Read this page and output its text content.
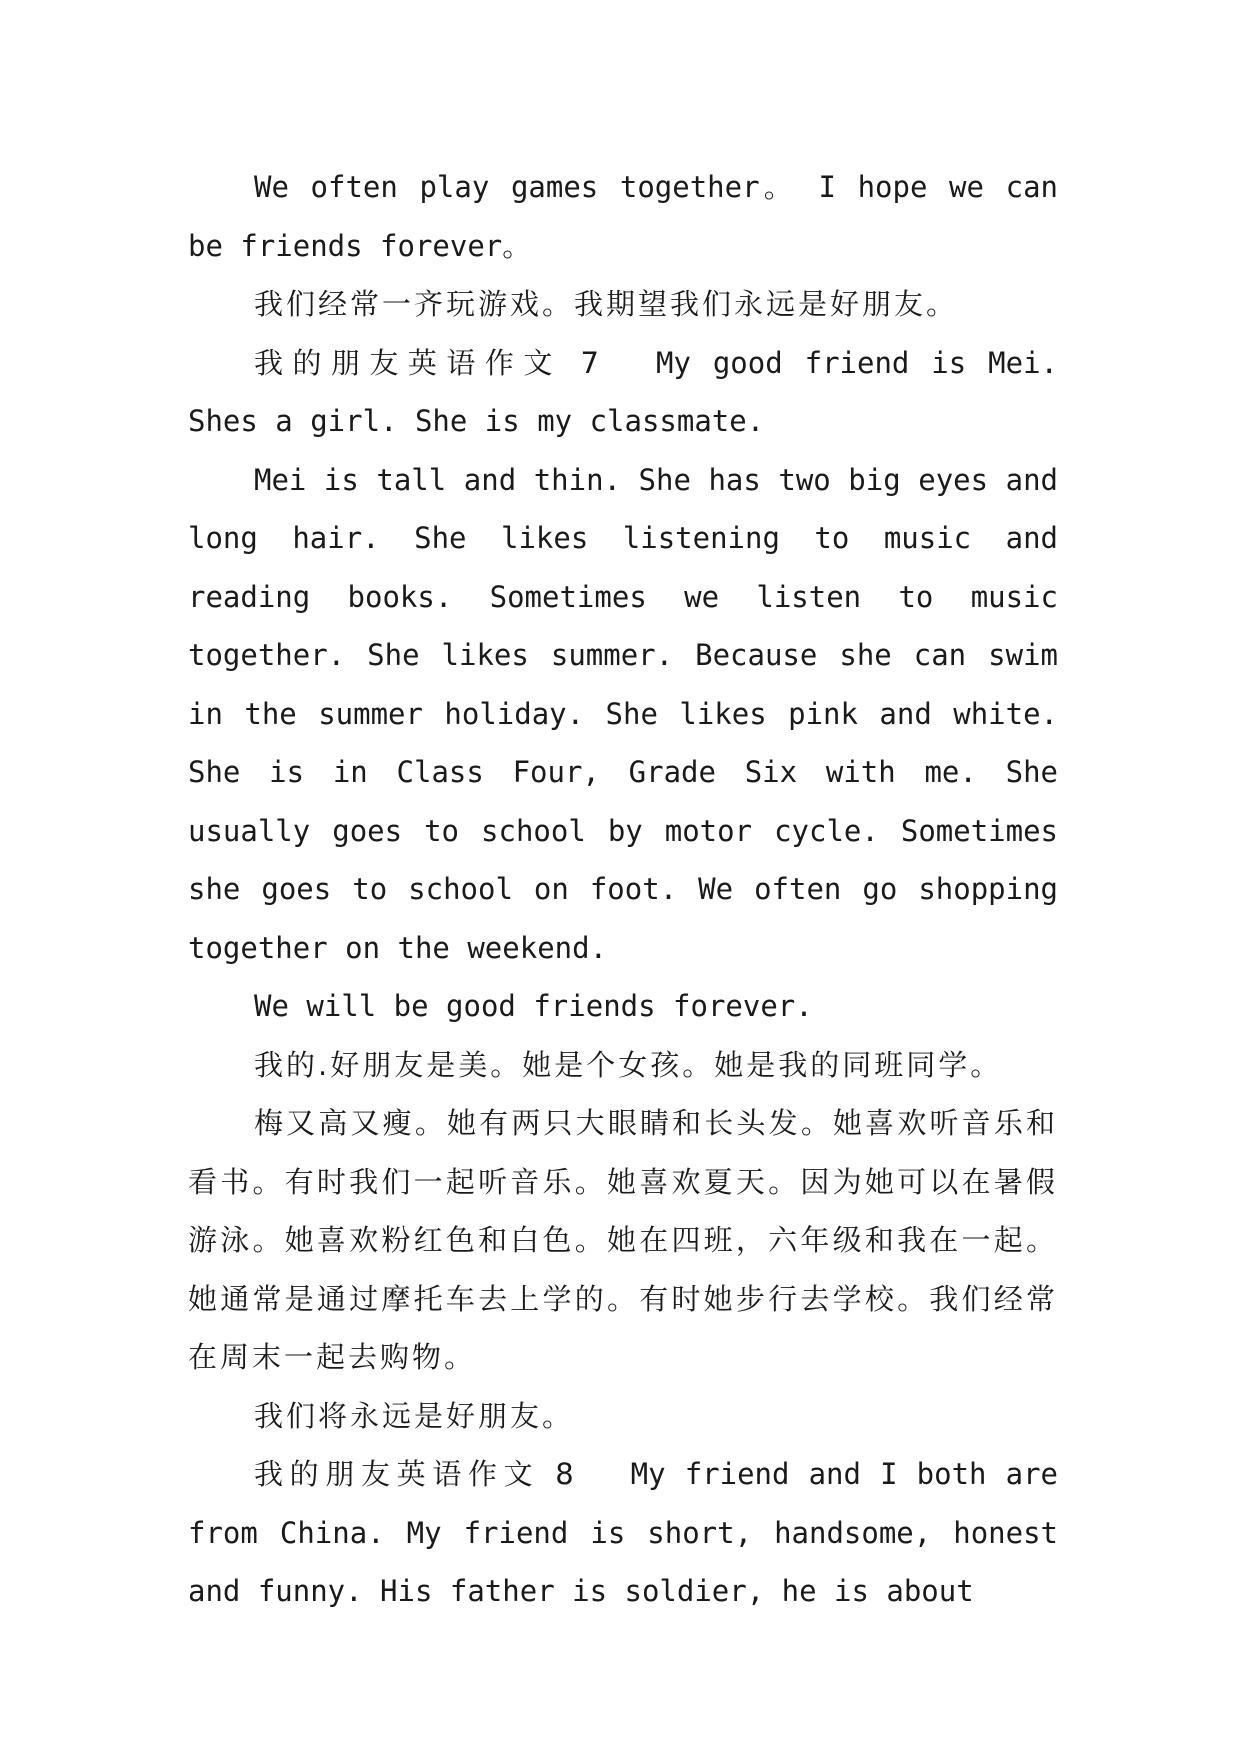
We often play games together。 I hope we can be friends forever。

我们经常一齐玩游戏。我期望我们永远是好朋友。

我的朋友英语作文 7 My good friend is Mei. Shes a girl. She is my classmate.

Mei is tall and thin. She has two big eyes and long hair. She likes listening to music and reading books. Sometimes we listen to music together. She likes summer. Because she can swim in the summer holiday. She likes pink and white. She is in Class Four, Grade Six with me. She usually goes to school by motor cycle. Sometimes she goes to school on foot. We often go shopping together on the weekend.

We will be good friends forever.

我的.好朋友是美。她是个女孩。她是我的同班同学。

梅又高又瘦。她有两只大眼睛和长头发。她喜欢听音乐和看书。有时我们一起听音乐。她喜欢夏天。因为她可以在暑假游泳。她喜欢粉红色和白色。她在四班，六年级和我在一起。她通常是通过摩托车去上学的。有时她步行去学校。我们经常在周末一起去购物。

我们将永远是好朋友。

我的朋友英语作文 8 My friend and I both are from China. My friend is short, handsome, honest and funny. His father is soldier, he is about
